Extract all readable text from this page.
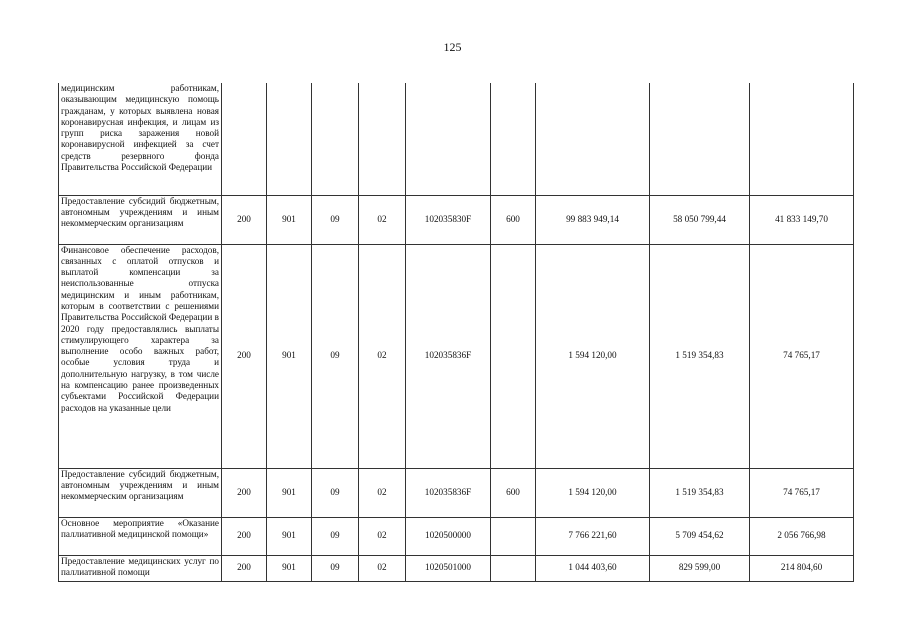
125
медицинским работникам, оказывающим медицинскую помощь гражданам, у которых выявлена новая коронавирусная инфекция, и лицам из групп риска заражения новой коронавирусной инфекцией за счет средств резервного фонда Правительства Российской Федерации									
Предоставление субсидий бюджетным, автономным учреждениям и иным некоммерческим организациям	200	901	09	02	102035830F	600	99 883 949,14	58 050 799,44	41 833 149,70
Финансовое обеспечение расходов, связанных с оплатой отпусков и выплатой компенсации за неиспользованные отпуска медицинским и иным работникам, которым в соответствии с решениями Правительства Российской Федерации в 2020 году предоставлялись выплаты стимулирующего характера за выполнение особо важных работ, особые условия труда и дополнительную нагрузку, в том числе на компенсацию ранее произведенных субъектами Российской Федерации расходов на указанные цели	200	901	09	02	102035836F		1 594 120,00	1 519 354,83	74 765,17
Предоставление субсидий бюджетным, автономным учреждениям и иным некоммерческим организациям	200	901	09	02	102035836F	600	1 594 120,00	1 519 354,83	74 765,17
Основное мероприятие «Оказание паллиативной медицинской помощи»	200	901	09	02	1020500000		7 766 221,60	5 709 454,62	2 056 766,98
Предоставление медицинских услуг по паллиативной помощи	200	901	09	02	1020501000		1 044 403,60	829 599,00	214 804,60
